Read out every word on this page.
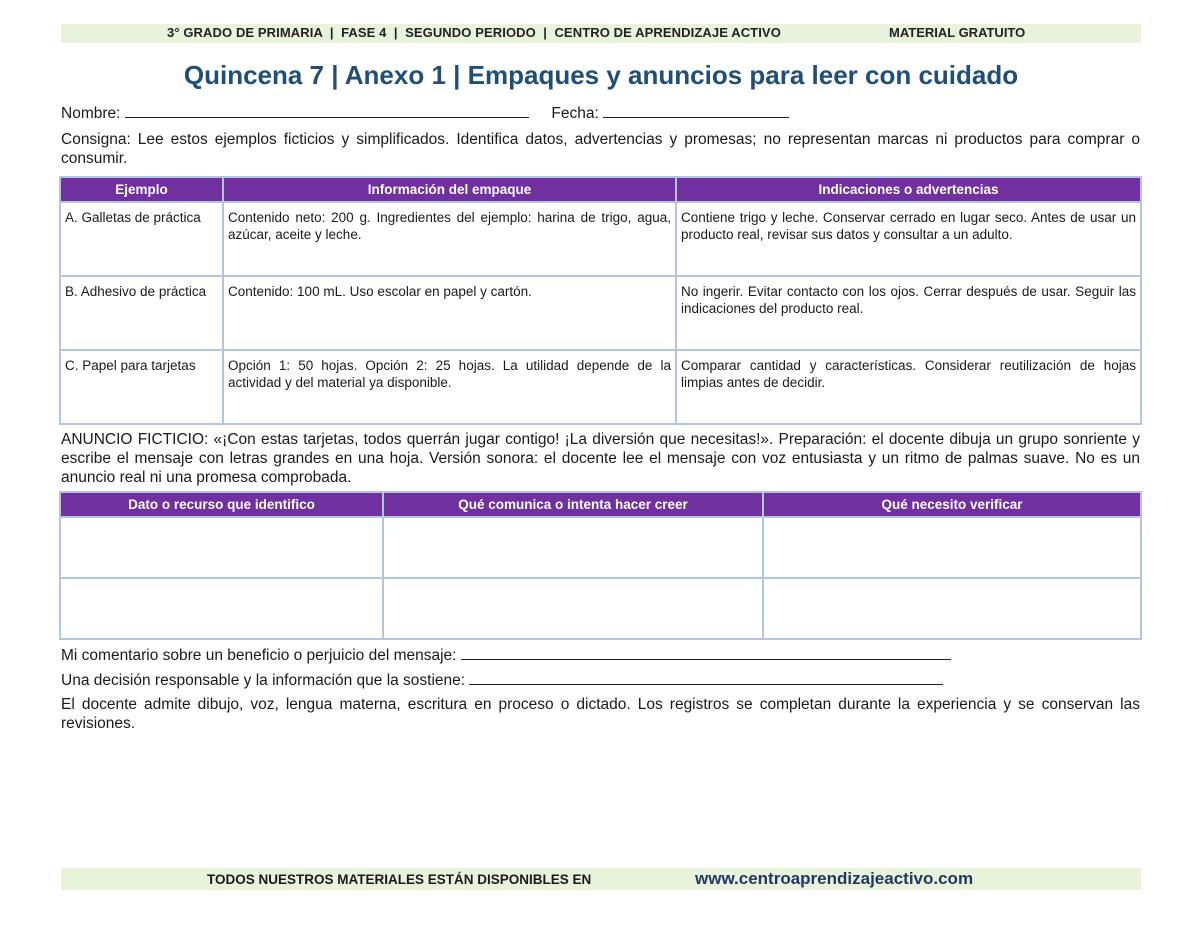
3° GRADO DE PRIMARIA  |  FASE 4  |  SEGUNDO PERIODO  |  CENTRO DE APRENDIZAJE ACTIVO	MATERIAL GRATUITO
Quincena 7 | Anexo 1 | Empaques y anuncios para leer con cuidado
Nombre:	Fecha:
Consigna: Lee estos ejemplos ficticios y simplificados. Identifica datos, advertencias y promesas; no representan marcas ni productos para comprar o consumir.
Ejemplo	Información del empaque	Indicaciones o advertencias
A. Galletas de práctica	Contenido neto: 200 g. Ingredientes del ejemplo: harina de trigo, agua, azúcar, aceite y leche.	Contiene trigo y leche. Conservar cerrado en lugar seco. Antes de usar un producto real, revisar sus datos y consultar a un adulto.
B. Adhesivo de práctica	Contenido: 100 mL. Uso escolar en papel y cartón.	No ingerir. Evitar contacto con los ojos. Cerrar después de usar. Seguir las indicaciones del producto real.
C. Papel para tarjetas	Opción 1: 50 hojas. Opción 2: 25 hojas. La utilidad depende de la actividad y del material ya disponible.	Comparar cantidad y características. Considerar reutilización de hojas limpias antes de decidir.
ANUNCIO FICTICIO: «¡Con estas tarjetas, todos querrán jugar contigo! ¡La diversión que necesitas!». Preparación: el docente dibuja un grupo sonriente y escribe el mensaje con letras grandes en una hoja. Versión sonora: el docente lee el mensaje con voz entusiasta y un ritmo de palmas suave. No es un anuncio real ni una promesa comprobada.
Dato o recurso que identifico	Qué comunica o intenta hacer creer	Qué necesito verificar

Mi comentario sobre un beneficio o perjuicio del mensaje:
Una decisión responsable y la información que la sostiene:
El docente admite dibujo, voz, lengua materna, escritura en proceso o dictado. Los registros se completan durante la experiencia y se conservan las revisiones.
TODOS NUESTROS MATERIALES ESTÁN DISPONIBLES EN	www.centroaprendizajeactivo.com
